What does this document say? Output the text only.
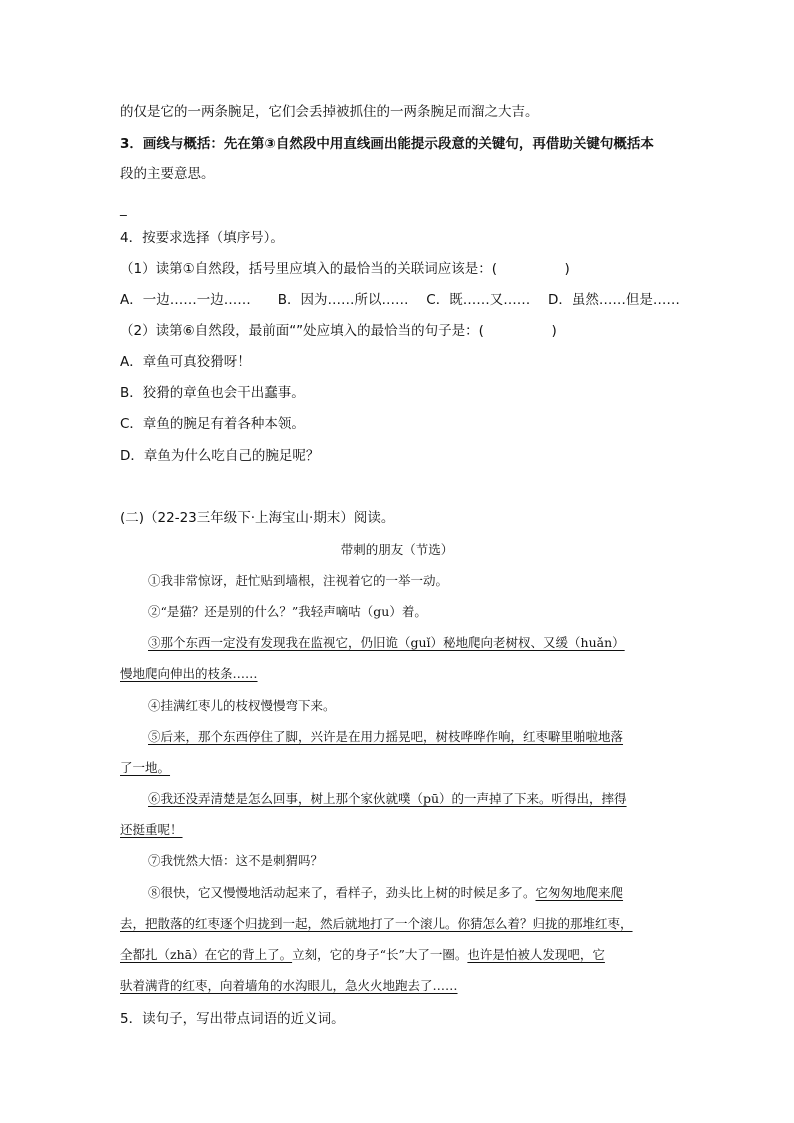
的仅是它的一两条腕足，它们会丢掉被抓住的一两条腕足而溜之大吉。
3．画线与概括：先在第③自然段中用直线画出能提示段意的关键句，再借助关键句概括本
段的主要意思。
_
4．按要求选择（填序号）。
（1）读第①自然段，括号里应填入的最恰当的关联词应该是：(　　　　　)
A．一边……一边……　　B．因为……所以……　 C．既……又……　 D．虽然……但是……
（2）读第⑥自然段，最前面“”处应填入的最恰当的句子是：(　　　　　)
A．章鱼可真狡猾呀！
B．狡猾的章鱼也会干出蠢事。
C．章鱼的腕足有着各种本领。
D．章鱼为什么吃自己的腕足呢？
(二)（22-23三年级下·上海宝山·期末）阅读。
带刺的朋友（节选）
①我非常惊讶，赶忙贴到墙根，注视着它的一举一动。
②“是猫？还是别的什么？”我轻声嘀咕（gu）着。
③那个东西一定没有发现我在监视它，仍旧诡（guǐ）秘地爬向老树杈、又缓（huǎn）
慢地爬向伸出的枝条……
④挂满红枣儿的枝杈慢慢弯下来。
⑤后来，那个东西停住了脚，兴许是在用力摇晃吧，树枝哗哗作响，红枣噼里啪啦地落
了一地。
⑥我还没弄清楚是怎么回事，树上那个家伙就噗（pū）的一声掉了下来。听得出，摔得
还挺重呢！
⑦我恍然大悟：这不是刺猬吗？
⑧很快，它又慢慢地活动起来了，看样子，劲头比上树的时候足多了。它匆匆地爬来爬
去，把散落的红枣逐个归拢到一起，然后就地打了一个滚儿。你猜怎么着？归拢的那堆红枣，
全都扎（zhā）在它的背上了。立刻，它的身子“长”大了一圈。也许是怕被人发现吧，它
驮着满背的红枣，向着墙角的水沟眼儿，急火火地跑去了……
5．读句子，写出带点词语的近义词。
